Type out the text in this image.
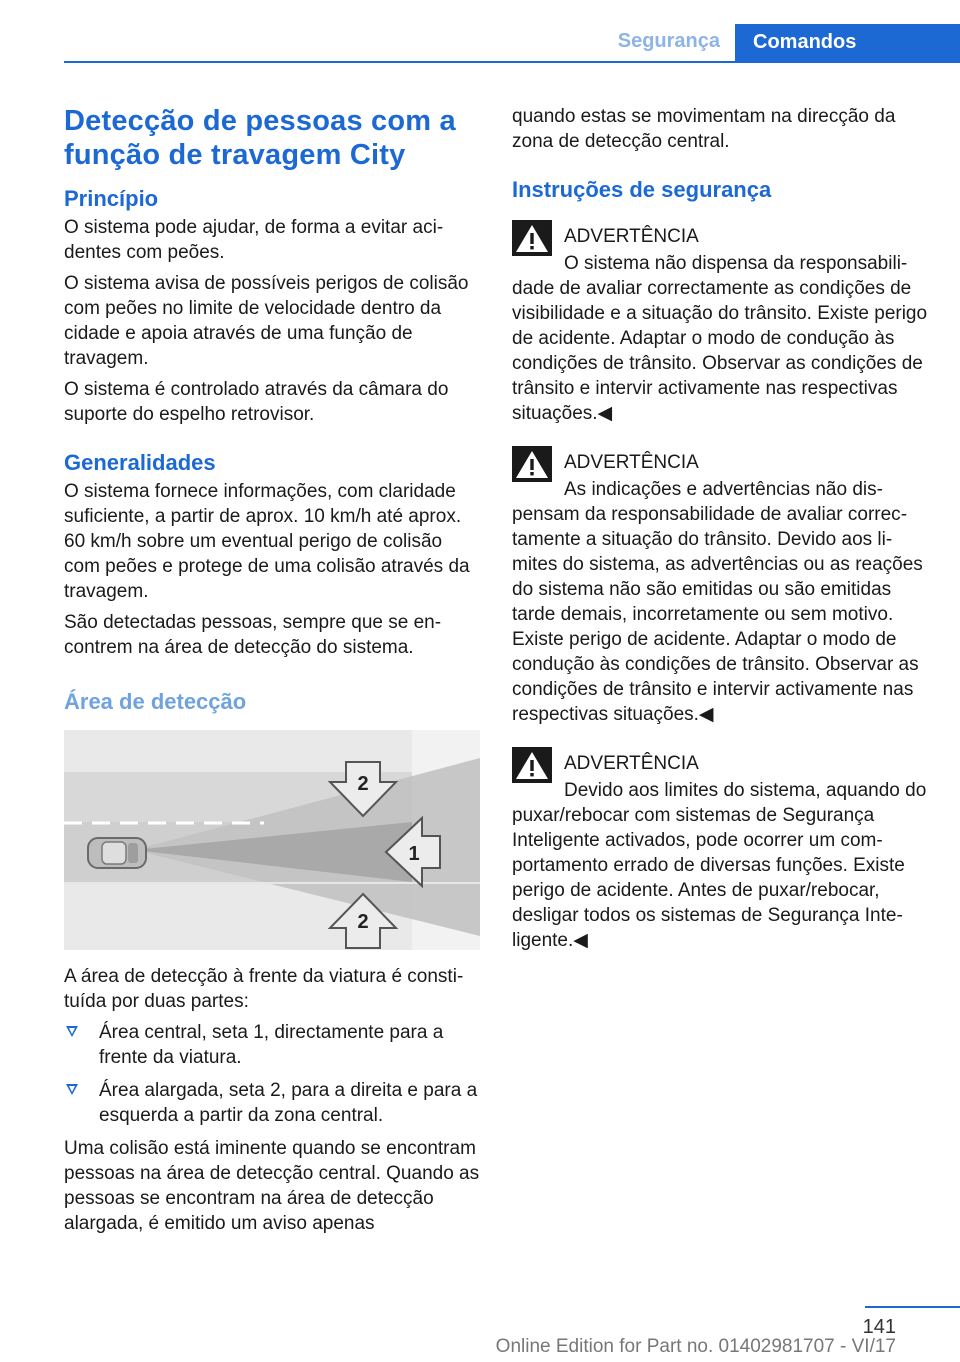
Segurança Comandos
Detecção de pessoas com a função de travagem City
Princípio

O sistema pode ajudar, de forma a evitar acidentes com peões.

O sistema avisa de possíveis perigos de colisão com peões no limite de velocidade dentro da cidade e apoia através de uma função de travagem.

O sistema é controlado através da câmara do suporte do espelho retrovisor.

Generalidades

O sistema fornece informações, com claridade suficiente, a partir de aprox. 10 km/h até aprox. 60 km/h sobre um eventual perigo de colisão com peões e protege de uma colisão através da travagem.

São detectadas pessoas, sempre que se encontrem na área de detecção do sistema.

Área de detecção
2
1
2

A área de detecção à frente da viatura é constituída por duas partes:

Área central, seta 1, directamente para a frente da viatura.
Área alargada, seta 2, para a direita e para a esquerda a partir da zona central.

Uma colisão está iminente quando se encontram pessoas na área de detecção central. Quando as pessoas se encontram na área de detecção alargada, é emitido um aviso apenas

quando estas se movimentam na direcção da zona de detecção central.

Instruções de segurança
ADVERTÊNCIA

O sistema não dispensa da responsabilidade de avaliar correctamente as condições de visibilidade e a situação do trânsito. Existe perigo de acidente. Adaptar o modo de condução às condições de trânsito. Observar as condições de trânsito e intervir activamente nas respectivas situações.◀

ADVERTÊNCIA

As indicações e advertências não dispensam da responsabilidade de avaliar correctamente a situação do trânsito. Devido aos limites do sistema, as advertências ou as reações do sistema não são emitidas ou são emitidas tarde demais, incorretamente ou sem motivo. Existe perigo de acidente. Adaptar o modo de condução às condições de trânsito. Observar as condições de trânsito e intervir activamente nas respectivas situações.◀

ADVERTÊNCIA

Devido aos limites do sistema, aquando do puxar/rebocar com sistemas de Segurança Inteligente activados, pode ocorrer um comportamento errado de diversas funções. Existe perigo de acidente. Antes de puxar/rebocar, desligar todos os sistemas de Segurança Inteligente.◀

141
Online Edition for Part no. 01402981707 - VI/17
